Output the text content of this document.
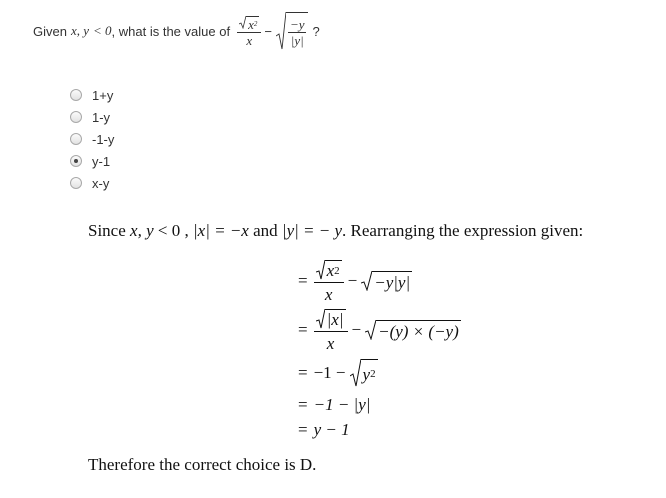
Given x, y < 0 , what is the value of $\frac{x 2}{x} - \frac{-y}{|y|}$ ?
1+y
1-y
-1-y
y-1
x-y
Since x, y < 0 , |x| = −x and |y| = − y. Rearranging the expression given:
= $\frac{x 2}{x} - -y|y|$
= $\frac{|x|}{x} - -(y) \times (-y)$
= −1 − y 2
= −1 − |y|
= y − 1
Therefore the correct choice is D.
